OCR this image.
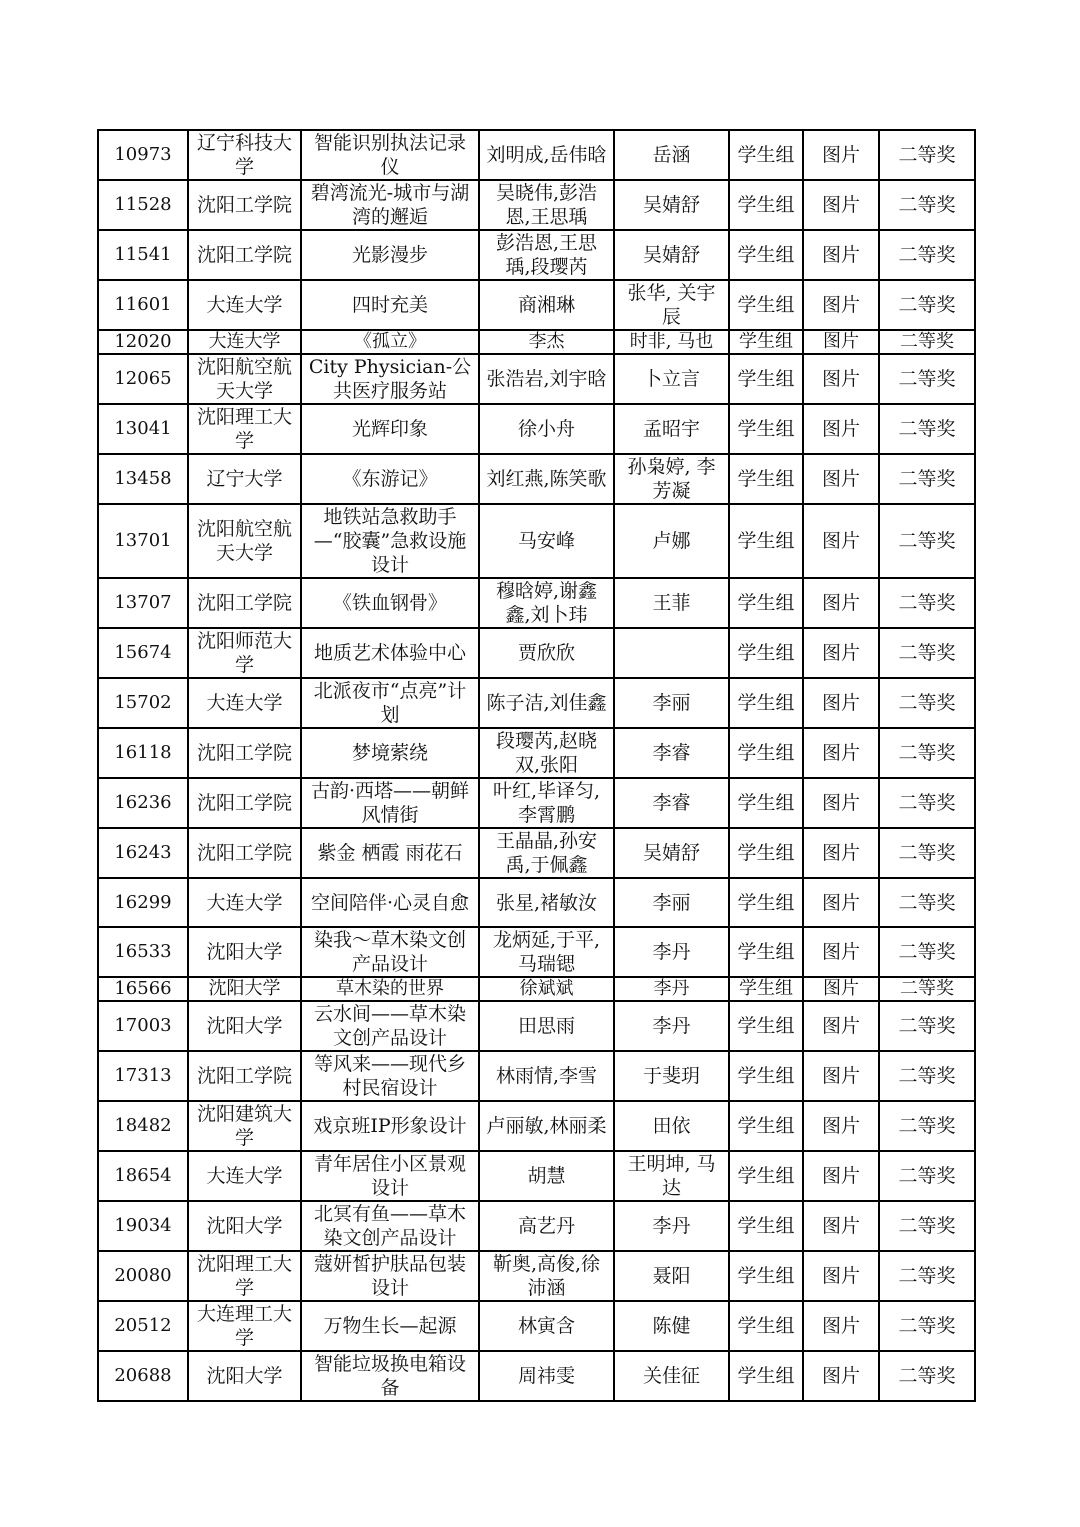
10973	辽宁科技大学	智能识别执法记录仪	刘明成,岳伟晗	岳涵	学生组	图片	二等奖
11528	沈阳工学院	碧湾流光-城市与湖湾的邂逅	吴晓伟,彭浩恩,王思瑀	吴婧舒	学生组	图片	二等奖
11541	沈阳工学院	光影漫步	彭浩恩,王思瑀,段璎芮	吴婧舒	学生组	图片	二等奖
11601	大连大学	四时充美	商湘琳	张华, 关宇辰	学生组	图片	二等奖
12020	大连大学	《孤立》	李杰	时非, 马也	学生组	图片	二等奖
12065	沈阳航空航天大学	City Physician-公共医疗服务站	张浩岩,刘宇晗	卜立言	学生组	图片	二等奖
13041	沈阳理工大学	光辉印象	徐小舟	孟昭宇	学生组	图片	二等奖
13458	辽宁大学	《东游记》	刘红燕,陈笑歌	孙枭婷, 李芳凝	学生组	图片	二等奖
13701	沈阳航空航天大学	地铁站急救助手—“胶囊”急救设施设计	马安峰	卢娜	学生组	图片	二等奖
13707	沈阳工学院	《铁血钢骨》	穆晗婷,谢鑫鑫,刘卜玮	王菲	学生组	图片	二等奖
15674	沈阳师范大学	地质艺术体验中心	贾欣欣		学生组	图片	二等奖
15702	大连大学	北派夜市“点亮”计划	陈子洁,刘佳鑫	李丽	学生组	图片	二等奖
16118	沈阳工学院	梦境萦绕	段璎芮,赵晓双,张阳	李睿	学生组	图片	二等奖
16236	沈阳工学院	古韵·西塔——朝鲜风情街	叶红,毕译匀,李霄鹏	李睿	学生组	图片	二等奖
16243	沈阳工学院	紫金 栖霞 雨花石	王晶晶,孙安禹,于佩鑫	吴婧舒	学生组	图片	二等奖
16299	大连大学	空间陪伴·心灵自愈	张星,褚敏汝	李丽	学生组	图片	二等奖
16533	沈阳大学	染我～草木染文创产品设计	龙炳延,于平,马瑞锶	李丹	学生组	图片	二等奖
16566	沈阳大学	草木染的世界	徐斌斌	李丹	学生组	图片	二等奖
17003	沈阳大学	云水间——草木染文创产品设计	田思雨	李丹	学生组	图片	二等奖
17313	沈阳工学院	等风来——现代乡村民宿设计	林雨情,李雪	于斐玥	学生组	图片	二等奖
18482	沈阳建筑大学	戏京班IP形象设计	卢丽敏,林丽柔	田依	学生组	图片	二等奖
18654	大连大学	青年居住小区景观设计	胡慧	王明坤, 马达	学生组	图片	二等奖
19034	沈阳大学	北冥有鱼——草木染文创产品设计	高艺丹	李丹	学生组	图片	二等奖
20080	沈阳理工大学	蔻妍皙护肤品包装设计	靳奥,高俊,徐沛涵	聂阳	学生组	图片	二等奖
20512	大连理工大学	万物生长—起源	林寅含	陈健	学生组	图片	二等奖
20688	沈阳大学	智能垃圾换电箱设备	周祎雯	关佳征	学生组	图片	二等奖
